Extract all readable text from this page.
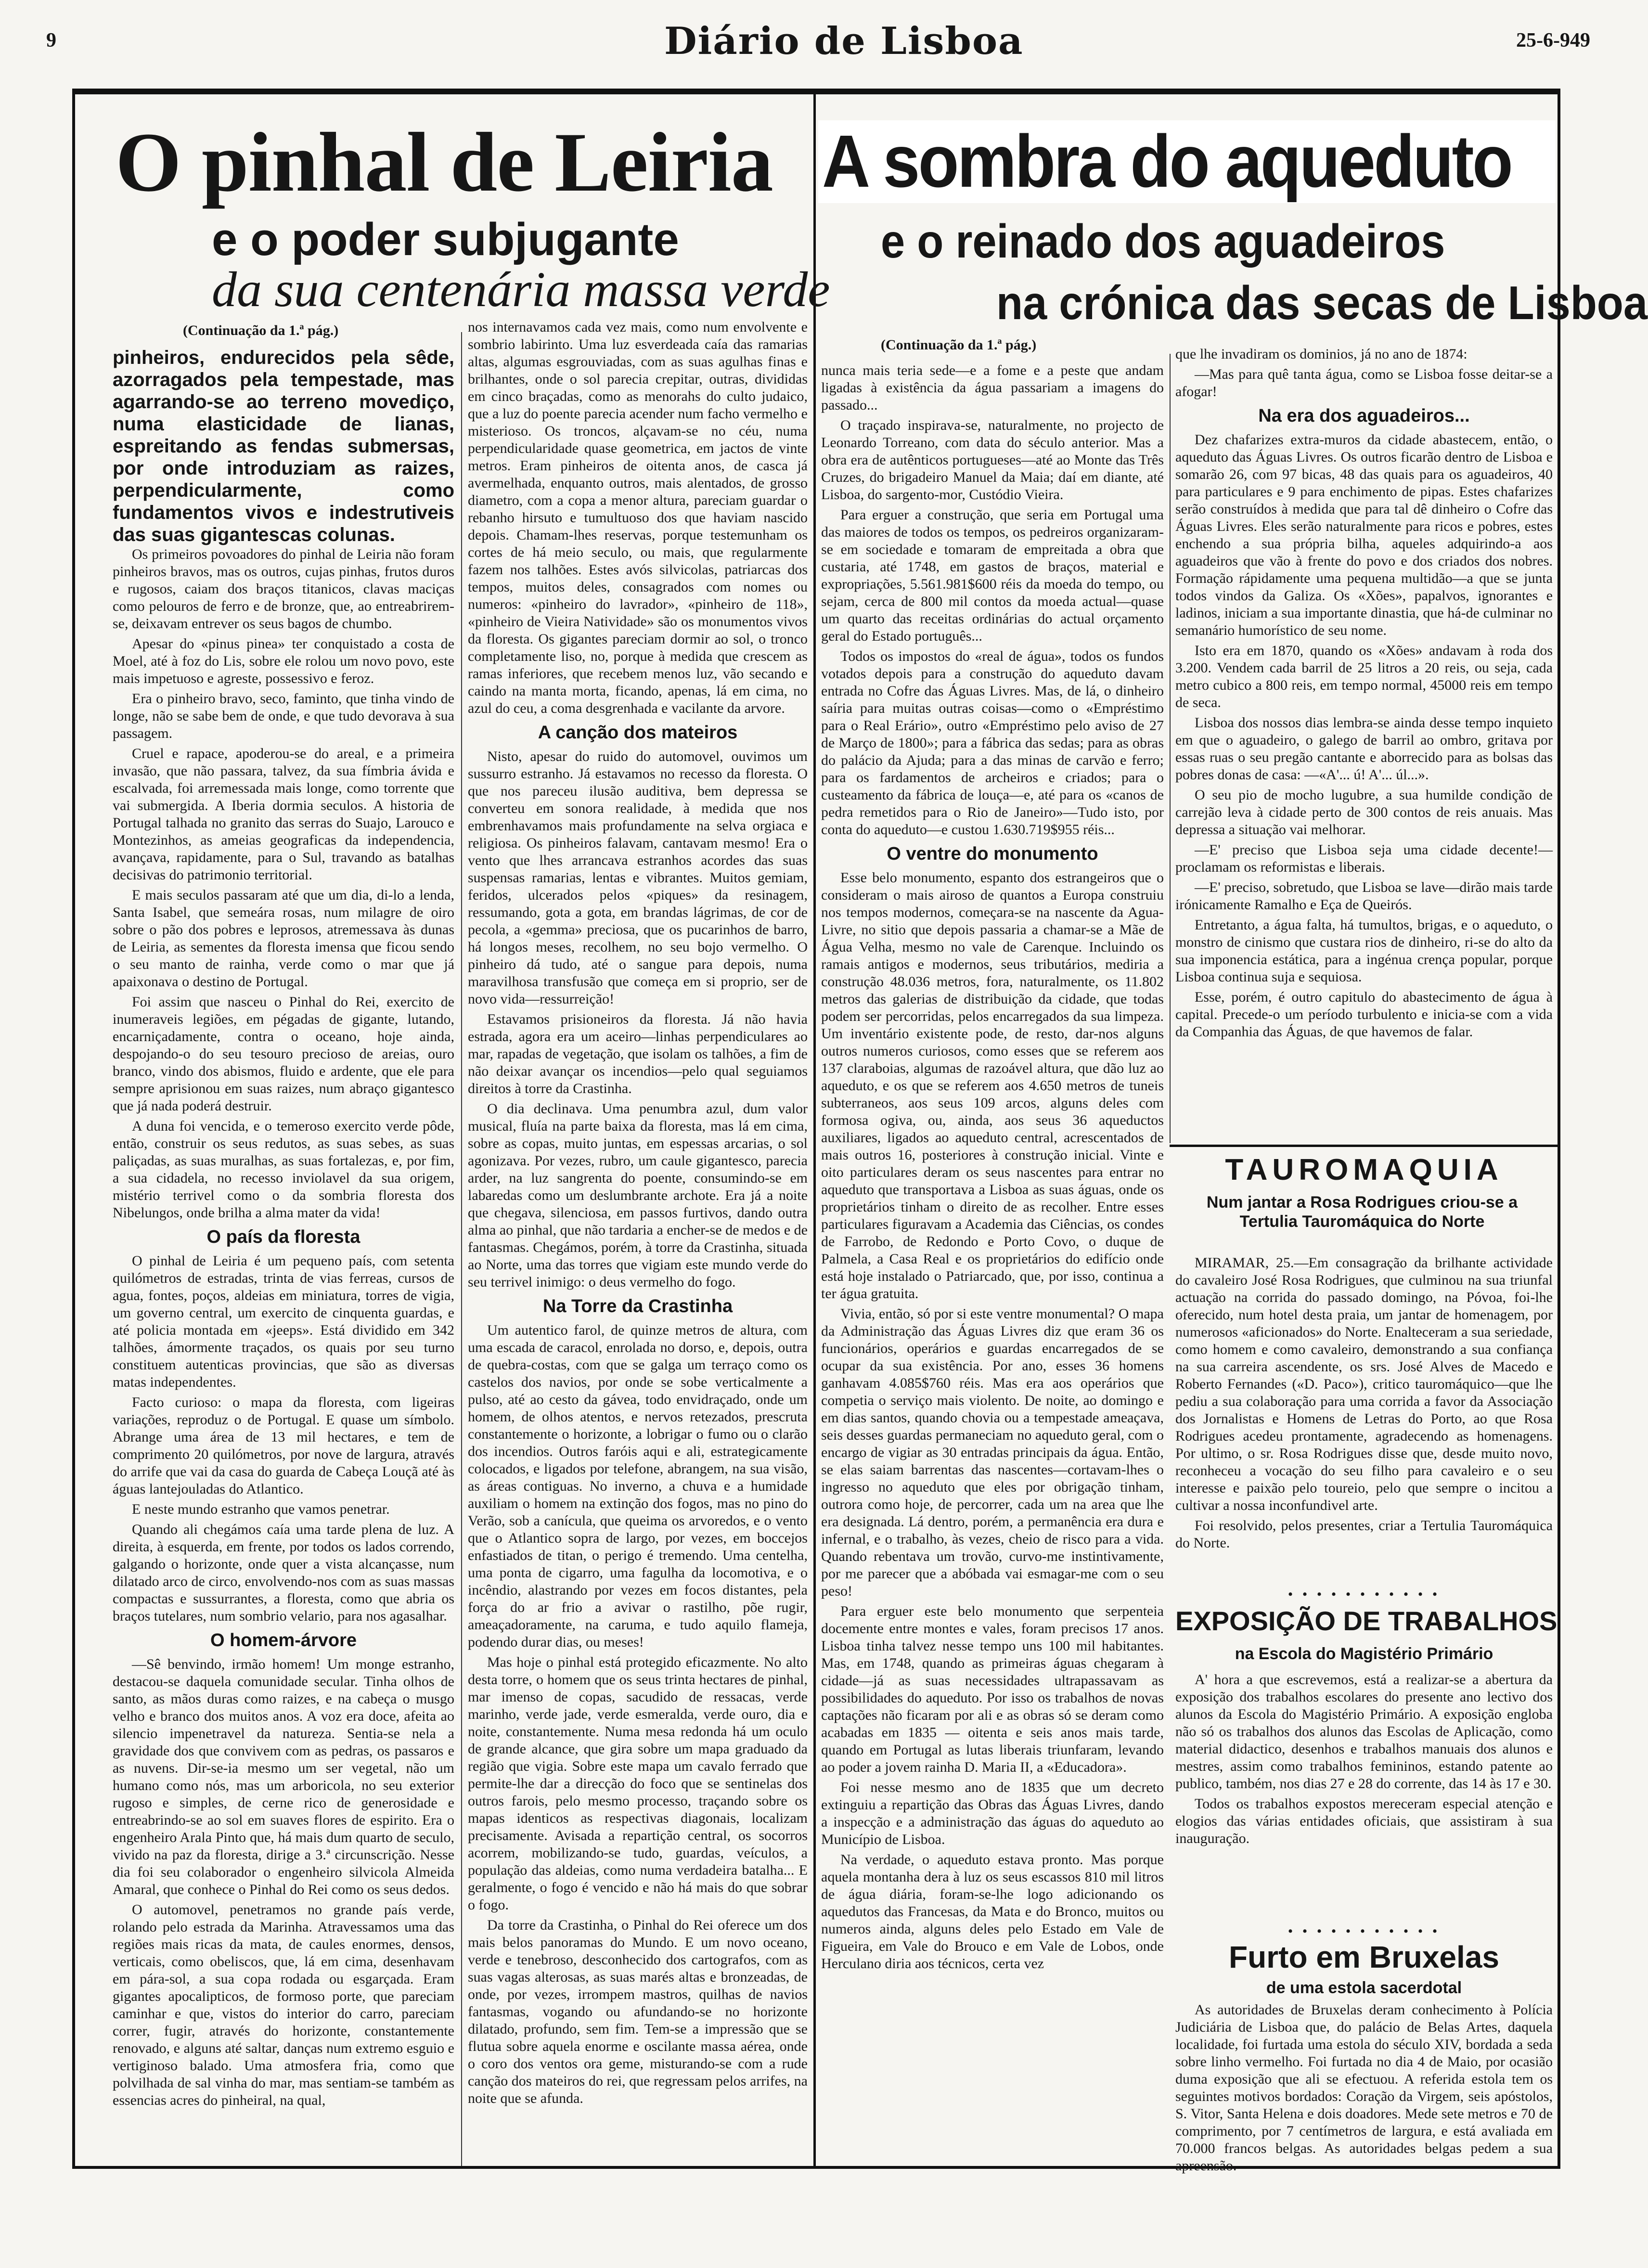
9	Diário de Lisboa	25-6-949
O pinhal de Leiria
e o poder subjugante
da sua centenária massa verde
(Continuação da 1.ª pág.)
pinheiros, endurecidos pela sêde, azorragados pela tempestade, mas agarrando-se ao terreno movediço, numa elasticidade de lianas, espreitando as fendas submersas, por onde introduziam as raizes, perpendicularmente, como fundamentos vivos e indestrutiveis das suas gigantescas colunas.

Os primeiros povoadores do pinhal de Leiria não foram pinheiros bravos, mas os outros, cujas pinhas, frutos duros e rugosos, caiam dos braços titanicos, clavas maciças como pelouros de ferro e de bronze, que, ao entreabrirem-se, deixavam entrever os seus bagos de chumbo.

Apesar do «pinus pinea» ter conquistado a costa de Moel, até à foz do Lis, sobre ele rolou um novo povo, este mais impetuoso e agreste, possessivo e feroz.

Era o pinheiro bravo, seco, faminto, que tinha vindo de longe, não se sabe bem de onde, e que tudo devorava à sua passagem.

Cruel e rapace, apoderou-se do areal, e a primeira invasão, que não passara, talvez, da sua fímbria ávida e escalvada, foi arremessada mais longe, como torrente que vai submergida. A Iberia dormia seculos. A historia de Portugal talhada no granito das serras do Suajo, Larouco e Montezinhos, as ameias geograficas da independencia, avançava, rapidamente, para o Sul, travando as batalhas decisivas do patrimonio territorial.

E mais seculos passaram até que um dia, di-lo a lenda, Santa Isabel, que semeára rosas, num milagre de oiro sobre o pão dos pobres e leprosos, atremessava às dunas de Leiria, as sementes da floresta imensa que ficou sendo o seu manto de rainha, verde como o mar que já apaixonava o destino de Portugal.

Foi assim que nasceu o Pinhal do Rei, exercito de inumeraveis legiões, em pégadas de gigante, lutando, encarniçadamente, contra o oceano, hoje ainda, despojando-o do seu tesouro precioso de areias, ouro branco, vindo dos abismos, fluido e ardente, que ele para sempre aprisionou em suas raizes, num abraço gigantesco que já nada poderá destruir.

A duna foi vencida, e o temeroso exercito verde pôde, então, construir os seus redutos, as suas sebes, as suas paliçadas, as suas muralhas, as suas fortalezas, e, por fim, a sua cidadela, no recesso inviolavel da sua origem, mistério terrivel como o da sombria floresta dos Nibelungos, onde brilha a alma mater da vida!

O país da floresta

O pinhal de Leiria é um pequeno país, com setenta quilómetros de estradas, trinta de vias ferreas, cursos de agua, fontes, poços, aldeias em miniatura, torres de vigia, um governo central, um exercito de cinquenta guardas, e até policia montada em «jeeps». Está dividido em 342 talhões, ámormente traçados, os quais por seu turno constituem autenticas provincias, que são as diversas matas independentes.

Facto curioso: o mapa da floresta, com ligeiras variações, reproduz o de Portugal. E quase um símbolo. Abrange uma área de 13 mil hectares, e tem de comprimento 20 quilómetros, por nove de largura, através do arrife que vai da casa do guarda de Cabeça Louçã até às águas lantejouladas do Atlantico.

E neste mundo estranho que vamos penetrar.

Quando ali chegámos caía uma tarde plena de luz. A direita, à esquerda, em frente, por todos os lados correndo, galgando o horizonte, onde quer a vista alcançasse, num dilatado arco de circo, envolvendo-nos com as suas massas compactas e sussurrantes, a floresta, como que abria os braços tutelares, num sombrio velario, para nos agasalhar.

O homem-árvore

—Sê benvindo, irmão homem! Um monge estranho, destacou-se daquela comunidade secular. Tinha olhos de santo, as mãos duras como raizes, e na cabeça o musgo velho e branco dos muitos anos. A voz era doce, afeita ao silencio impenetravel da natureza. Sentia-se nela a gravidade dos que convivem com as pedras, os passaros e as nuvens. Dir-se-ia mesmo um ser vegetal, não um humano como nós, mas um arboricola, no seu exterior rugoso e simples, de cerne rico de generosidade e entreabrindo-se ao sol em suaves flores de espirito. Era o engenheiro Arala Pinto que, há mais dum quarto de seculo, vivido na paz da floresta, dirige a 3.ª circunscrição. Nesse dia foi seu colaborador o engenheiro silvicola Almeida Amaral, que conhece o Pinhal do Rei como os seus dedos.

O automovel, penetramos no grande país verde, rolando pelo estrada da Marinha. Atravessamos uma das regiões mais ricas da mata, de caules enormes, densos, verticais, como obeliscos, que, lá em cima, desenhavam em pára-sol, a sua copa rodada ou esgarçada. Eram gigantes apocalipticos, de formoso porte, que pareciam caminhar e que, vistos do interior do carro, pareciam correr, fugir, através do horizonte, constantemente renovado, e alguns até saltar, danças num extremo esguio e vertiginoso balado. Uma atmosfera fria, como que polvilhada de sal vinha do mar, mas sentiam-se também as essencias acres do pinheiral, na qual,

nos internavamos cada vez mais, como num envolvente e sombrio labirinto. Uma luz esverdeada caía das ramarias altas, algumas esgrouviadas, com as suas agulhas finas e brilhantes, onde o sol parecia crepitar, outras, divididas em cinco braçadas, como as menorahs do culto judaico, que a luz do poente parecia acender num facho vermelho e misterioso. Os troncos, alçavam-se no céu, numa perpendicularidade quase geometrica, em jactos de vinte metros. Eram pinheiros de oitenta anos, de casca já avermelhada, enquanto outros, mais alentados, de grosso diametro, com a copa a menor altura, pareciam guardar o rebanho hirsuto e tumultuoso dos que haviam nascido depois. Chamam-lhes reservas, porque testemunham os cortes de há meio seculo, ou mais, que regularmente fazem nos talhões. Estes avós silvicolas, patriarcas dos tempos, muitos deles, consagrados com nomes ou numeros: «pinheiro do lavrador», «pinheiro de 118», «pinheiro de Vieira Natividade» são os monumentos vivos da floresta. Os gigantes pareciam dormir ao sol, o tronco completamente liso, no, porque à medida que crescem as ramas inferiores, que recebem menos luz, vão secando e caindo na manta morta, ficando, apenas, lá em cima, no azul do ceu, a coma desgrenhada e vacilante da arvore.

A canção dos mateiros

Nisto, apesar do ruido do automovel, ouvimos um sussurro estranho. Já estavamos no recesso da floresta. O que nos pareceu ilusão auditiva, bem depressa se converteu em sonora realidade, à medida que nos embrenhavamos mais profundamente na selva orgiaca e religiosa. Os pinheiros falavam, cantavam mesmo! Era o vento que lhes arrancava estranhos acordes das suas suspensas ramarias, lentas e vibrantes. Muitos gemiam, feridos, ulcerados pelos «piques» da resinagem, ressumando, gota a gota, em brandas lágrimas, de cor de pecola, a «gemma» preciosa, que os pucarinhos de barro, há longos meses, recolhem, no seu bojo vermelho. O pinheiro dá tudo, até o sangue para depois, numa maravilhosa transfusão que começa em si proprio, ser de novo vida—ressurreição!

Estavamos prisioneiros da floresta. Já não havia estrada, agora era um aceiro—linhas perpendiculares ao mar, rapadas de vegetação, que isolam os talhões, a fim de não deixar avançar os incendios—pelo qual seguiamos direitos à torre da Crastinha.

O dia declinava. Uma penumbra azul, dum valor musical, fluía na parte baixa da floresta, mas lá em cima, sobre as copas, muito juntas, em espessas arcarias, o sol agonizava. Por vezes, rubro, um caule gigantesco, parecia arder, na luz sangrenta do poente, consumindo-se em labaredas como um deslumbrante archote. Era já a noite que chegava, silenciosa, em passos furtivos, dando outra alma ao pinhal, que não tardaria a encher-se de medos e de fantasmas. Chegámos, porém, à torre da Crastinha, situada ao Norte, uma das torres que vigiam este mundo verde do seu terrivel inimigo: o deus vermelho do fogo.

Na Torre da Crastinha

Um autentico farol, de quinze metros de altura, com uma escada de caracol, enrolada no dorso, e, depois, outra de quebra-costas, com que se galga um terraço como os castelos dos navios, por onde se sobe verticalmente a pulso, até ao cesto da gávea, todo envidraçado, onde um homem, de olhos atentos, e nervos retezados, prescruta constantemente o horizonte, a lobrigar o fumo ou o clarão dos incendios. Outros faróis aqui e ali, estrategicamente colocados, e ligados por telefone, abrangem, na sua visão, as áreas contiguas. No inverno, a chuva e a humidade auxiliam o homem na extinção dos fogos, mas no pino do Verão, sob a canícula, que queima os arvoredos, e o vento que o Atlantico sopra de largo, por vezes, em boccejos enfastiados de titan, o perigo é tremendo. Uma centelha, uma ponta de cigarro, uma fagulha da locomotiva, e o incêndio, alastrando por vezes em focos distantes, pela força do ar frio a avivar o rastilho, põe rugir, ameaçadoramente, na caruma, e tudo aquilo flameja, podendo durar dias, ou meses!

Mas hoje o pinhal está protegido eficazmente. No alto desta torre, o homem que os seus trinta hectares de pinhal, mar imenso de copas, sacudido de ressacas, verde marinho, verde jade, verde esmeralda, verde ouro, dia e noite, constantemente. Numa mesa redonda há um oculo de grande alcance, que gira sobre um mapa graduado da região que vigia. Sobre este mapa um cavalo ferrado que permite-lhe dar a direcção do foco que se sentinelas dos outros farois, pelo mesmo processo, traçando sobre os mapas identicos as respectivas diagonais, localizam precisamente. Avisada a repartição central, os socorros acorrem, mobilizando-se tudo, guardas, veículos, a população das aldeias, como numa verdadeira batalha... E geralmente, o fogo é vencido e não há mais do que sobrar o fogo.

Da torre da Crastinha, o Pinhal do Rei oferece um dos mais belos panoramas do Mundo. E um novo oceano, verde e tenebroso, desconhecido dos cartografos, com as suas vagas alterosas, as suas marés altas e bronzeadas, de onde, por vezes, irrompem mastros, quilhas de navios fantasmas, vogando ou afundando-se no horizonte dilatado, profundo, sem fim. Tem-se a impressão que se flutua sobre aquela enorme e oscilante massa aérea, onde o coro dos ventos ora geme, misturando-se com a rude canção dos mateiros do rei, que regressam pelos arrifes, na noite que se afunda.

A sombra do aqueduto
e o reinado dos aguadeiros
na crónica das secas de Lisboa
(Continuação da 1.ª pág.)

nunca mais teria sede—e a fome e a peste que andam ligadas à existência da água passariam a imagens do passado...

O traçado inspirava-se, naturalmente, no projecto de Leonardo Torreano, com data do século anterior. Mas a obra era de autênticos portugueses—até ao Monte das Três Cruzes, do brigadeiro Manuel da Maia; daí em diante, até Lisboa, do sargento-mor, Custódio Vieira.

Para erguer a construção, que seria em Portugal uma das maiores de todos os tempos, os pedreiros organizaram-se em sociedade e tomaram de empreitada a obra que custaria, até 1748, em gastos de braços, material e expropriações, 5.561.981$600 réis da moeda do tempo, ou sejam, cerca de 800 mil contos da moeda actual—quase um quarto das receitas ordinárias do actual orçamento geral do Estado português...

Todos os impostos do «real de água», todos os fundos votados depois para a construção do aqueduto davam entrada no Cofre das Águas Livres. Mas, de lá, o dinheiro saíria para muitas outras coisas—como o «Empréstimo para o Real Erário», outro «Empréstimo pelo aviso de 27 de Março de 1800»; para a fábrica das sedas; para as obras do palácio da Ajuda; para a das minas de carvão e ferro; para os fardamentos de archeiros e criados; para o custeamento da fábrica de louça—e, até para os «canos de pedra remetidos para o Rio de Janeiro»—Tudo isto, por conta do aqueduto—e custou 1.630.719$955 réis...

O ventre do monumento

Esse belo monumento, espanto dos estrangeiros que o consideram o mais airoso de quantos a Europa construiu nos tempos modernos, começara-se na nascente da Agua-Livre, no sitio que depois passaria a chamar-se a Mãe de Água Velha, mesmo no vale de Carenque. Incluindo os ramais antigos e modernos, seus tributários, mediria a construção 48.036 metros, fora, naturalmente, os 11.802 metros das galerias de distribuição da cidade, que todas podem ser percorridas, pelos encarregados da sua limpeza. Um inventário existente pode, de resto, dar-nos alguns outros numeros curiosos, como esses que se referem aos 137 claraboias, algumas de razoável altura, que dão luz ao aqueduto, e os que se referem aos 4.650 metros de tuneis subterraneos, aos seus 109 arcos, alguns deles com formosa ogiva, ou, ainda, aos seus 36 aqueductos auxiliares, ligados ao aqueduto central, acrescentados de mais outros 16, posteriores à construção inicial. Vinte e oito particulares deram os seus nascentes para entrar no aqueduto que transportava a Lisboa as suas águas, onde os proprietários tinham o direito de as recolher. Entre esses particulares figuravam a Academia das Ciências, os condes de Farrobo, de Redondo e Porto Covo, o duque de Palmela, a Casa Real e os proprietários do edifício onde está hoje instalado o Patriarcado, que, por isso, continua a ter água gratuita.

Vivia, então, só por si este ventre monumental? O mapa da Administração das Águas Livres diz que eram 36 os funcionários, operários e guardas encarregados de se ocupar da sua existência. Por ano, esses 36 homens ganhavam 4.085$760 réis. Mas era aos operários que competia o serviço mais violento. De noite, ao domingo e em dias santos, quando chovia ou a tempestade ameaçava, seis desses guardas permaneciam no aqueduto geral, com o encargo de vigiar as 30 entradas principais da água. Então, se elas saiam barrentas das nascentes—cortavam-lhes o ingresso no aqueduto que eles por obrigação tinham, outrora como hoje, de percorrer, cada um na area que lhe era designada. Lá dentro, porém, a permanência era dura e infernal, e o trabalho, às vezes, cheio de risco para a vida. Quando rebentava um trovão, curvo-me instintivamente, por me parecer que a abóbada vai esmagar-me com o seu peso!

Para erguer este belo monumento que serpenteia docemente entre montes e vales, foram precisos 17 anos. Lisboa tinha talvez nesse tempo uns 100 mil habitantes. Mas, em 1748, quando as primeiras águas chegaram à cidade—já as suas necessidades ultrapassavam as possibilidades do aqueduto. Por isso os trabalhos de novas captações não ficaram por ali e as obras só se deram como acabadas em 1835 — oitenta e seis anos mais tarde, quando em Portugal as lutas liberais triunfaram, levando ao poder a jovem rainha D. Maria II, a «Educadora».

Foi nesse mesmo ano de 1835 que um decreto extinguiu a repartição das Obras das Águas Livres, dando a inspecção e a administração das águas do aqueduto ao Município de Lisboa.

Na verdade, o aqueduto estava pronto. Mas porque aquela montanha dera à luz os seus escassos 810 mil litros de água diária, foram-se-lhe logo adicionando os aquedutos das Francesas, da Mata e do Bronco, muitos ou numeros ainda, alguns deles pelo Estado em Vale de Figueira, em Vale do Brouco e em Vale de Lobos, onde Herculano diria aos técnicos, certa vez

que lhe invadiram os dominios, já no ano de 1874:

—Mas para quê tanta água, como se Lisboa fosse deitar-se a afogar!

Na era dos aguadeiros...

Dez chafarizes extra-muros da cidade abastecem, então, o aqueduto das Águas Livres. Os outros ficarão dentro de Lisboa e somarão 26, com 97 bicas, 48 das quais para os aguadeiros, 40 para particulares e 9 para enchimento de pipas. Estes chafarizes serão construídos à medida que para tal dê dinheiro o Cofre das Águas Livres. Eles serão naturalmente para ricos e pobres, estes enchendo a sua própria bilha, aqueles adquirindo-a aos aguadeiros que vão à frente do povo e dos criados dos nobres. Formação rápidamente uma pequena multidão—a que se junta todos vindos da Galiza. Os «Xões», papalvos, ignorantes e ladinos, iniciam a sua importante dinastia, que há-de culminar no semanário humorístico de seu nome.

Isto era em 1870, quando os «Xões» andavam à roda dos 3.200. Vendem cada barril de 25 litros a 20 reis, ou seja, cada metro cubico a 800 reis, em tempo normal, 45000 reis em tempo de seca.

Lisboa dos nossos dias lembra-se ainda desse tempo inquieto em que o aguadeiro, o galego de barril ao ombro, gritava por essas ruas o seu pregão cantante e aborrecido para as bolsas das pobres donas de casa: —«A'... ú! A'... úl...».

O seu pio de mocho lugubre, a sua humilde condição de carrejão leva à cidade perto de 300 contos de reis anuais. Mas depressa a situação vai melhorar.

—E' preciso que Lisboa seja uma cidade decente!—proclamam os reformistas e liberais.

—E' preciso, sobretudo, que Lisboa se lave—dirão mais tarde irónicamente Ramalho e Eça de Queirós.

Entretanto, a água falta, há tumultos, brigas, e o aqueduto, o monstro de cinismo que custara rios de dinheiro, ri-se do alto da sua imponencia estática, para a ingénua crença popular, porque Lisboa continua suja e sequiosa.

Esse, porém, é outro capitulo do abastecimento de água à capital. Precede-o um período turbulento e inicia-se com a vida da Companhia das Águas, de que havemos de falar.

TAUROMAQUIA
Num jantar a Rosa Rodrigues criou-se a Tertulia Tauromáquica do Norte

MIRAMAR, 25.—Em consagração da brilhante actividade do cavaleiro José Rosa Rodrigues, que culminou na sua triunfal actuação na corrida do passado domingo, na Póvoa, foi-lhe oferecido, num hotel desta praia, um jantar de homenagem, por numerosos «aficionados» do Norte. Enalteceram a sua seriedade, como homem e como cavaleiro, demonstrando a sua confiança na sua carreira ascendente, os srs. José Alves de Macedo e Roberto Fernandes («D. Paco»), critico tauromáquico—que lhe pediu a sua colaboração para uma corrida a favor da Associação dos Jornalistas e Homens de Letras do Porto, ao que Rosa Rodrigues acedeu prontamente, agradecendo as homenagens. Por ultimo, o sr. Rosa Rodrigues disse que, desde muito novo, reconheceu a vocação do seu filho para cavaleiro e o seu interesse e paixão pelo toureio, pelo que sempre o incitou a cultivar a nossa inconfundivel arte.

Foi resolvido, pelos presentes, criar a Tertulia Tauromáquica do Norte.

• • • • • • • • • • •
EXPOSIÇÃO DE TRABALHOS
na Escola do Magistério Primário

A' hora a que escrevemos, está a realizar-se a abertura da exposição dos trabalhos escolares do presente ano lectivo dos alunos da Escola do Magistério Primário. A exposição engloba não só os trabalhos dos alunos das Escolas de Aplicação, como material didactico, desenhos e trabalhos manuais dos alunos e mestres, assim como trabalhos femininos, estando patente ao publico, também, nos dias 27 e 28 do corrente, das 14 às 17 e 30.

Todos os trabalhos expostos mereceram especial atenção e elogios das várias entidades oficiais, que assistiram à sua inauguração.

• • • • • • • • • • •
Furto em Bruxelas
de uma estola sacerdotal

As autoridades de Bruxelas deram conhecimento à Polícia Judiciária de Lisboa que, do palácio de Belas Artes, daquela localidade, foi furtada uma estola do século XIV, bordada a seda sobre linho vermelho. Foi furtada no dia 4 de Maio, por ocasião duma exposição que ali se efectuou. A referida estola tem os seguintes motivos bordados: Coração da Virgem, seis apóstolos, S. Vitor, Santa Helena e dois doadores. Mede sete metros e 70 de comprimento, por 7 centímetros de largura, e está avaliada em 70.000 francos belgas. As autoridades belgas pedem a sua apreensão.
